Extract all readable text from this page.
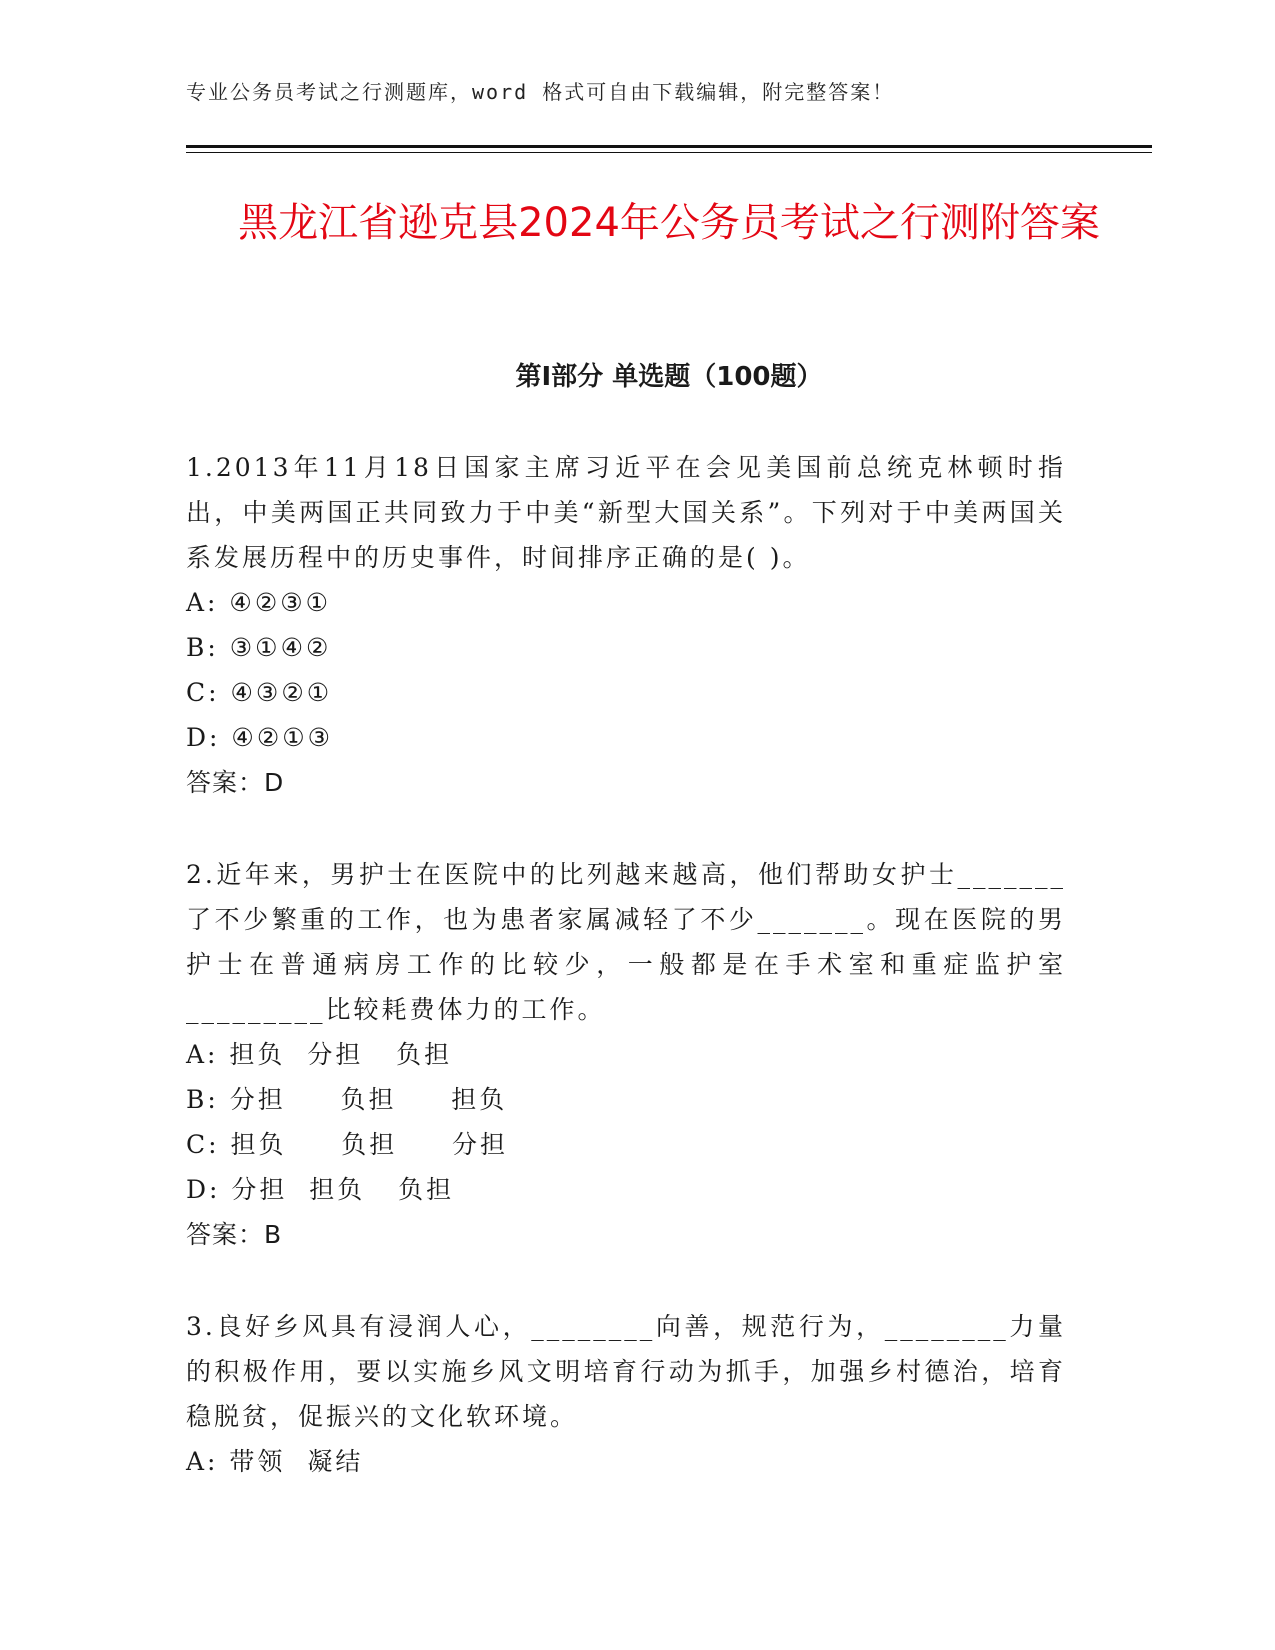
专业公务员考试之行测题库，word 格式可自由下载编辑，附完整答案！
黑龙江省逊克县2024年公务员考试之行测附答案
第Ⅰ部分 单选题（100题）

1.2013年11月18日国家主席习近平在会见美国前总统克林顿时指出，中美两国正共同致力于中美“新型大国关系”。下列对于中美两国关系发展历程中的历史事件，时间排序正确的是( )。

A: ④②③①

B: ③①④②

C: ④③②①

D: ④②①③

答案：D

2.近年来，男护士在医院中的比列越来越高，他们帮助女护士_______了不少繁重的工作，也为患者家属减轻了不少_______。现在医院的男护士在普通病房工作的比较少，一般都是在手术室和重症监护室_________比较耗费体力的工作。

A: 担负  分担   负担

B: 分担     负担     担负

C: 担负     负担     分担

D: 分担  担负   负担

答案：B

3.良好乡风具有浸润人心，________向善，规范行为，________力量的积极作用，要以实施乡风文明培育行动为抓手，加强乡村德治，培育稳脱贫，促振兴的文化软环境。

A: 带领  凝结
